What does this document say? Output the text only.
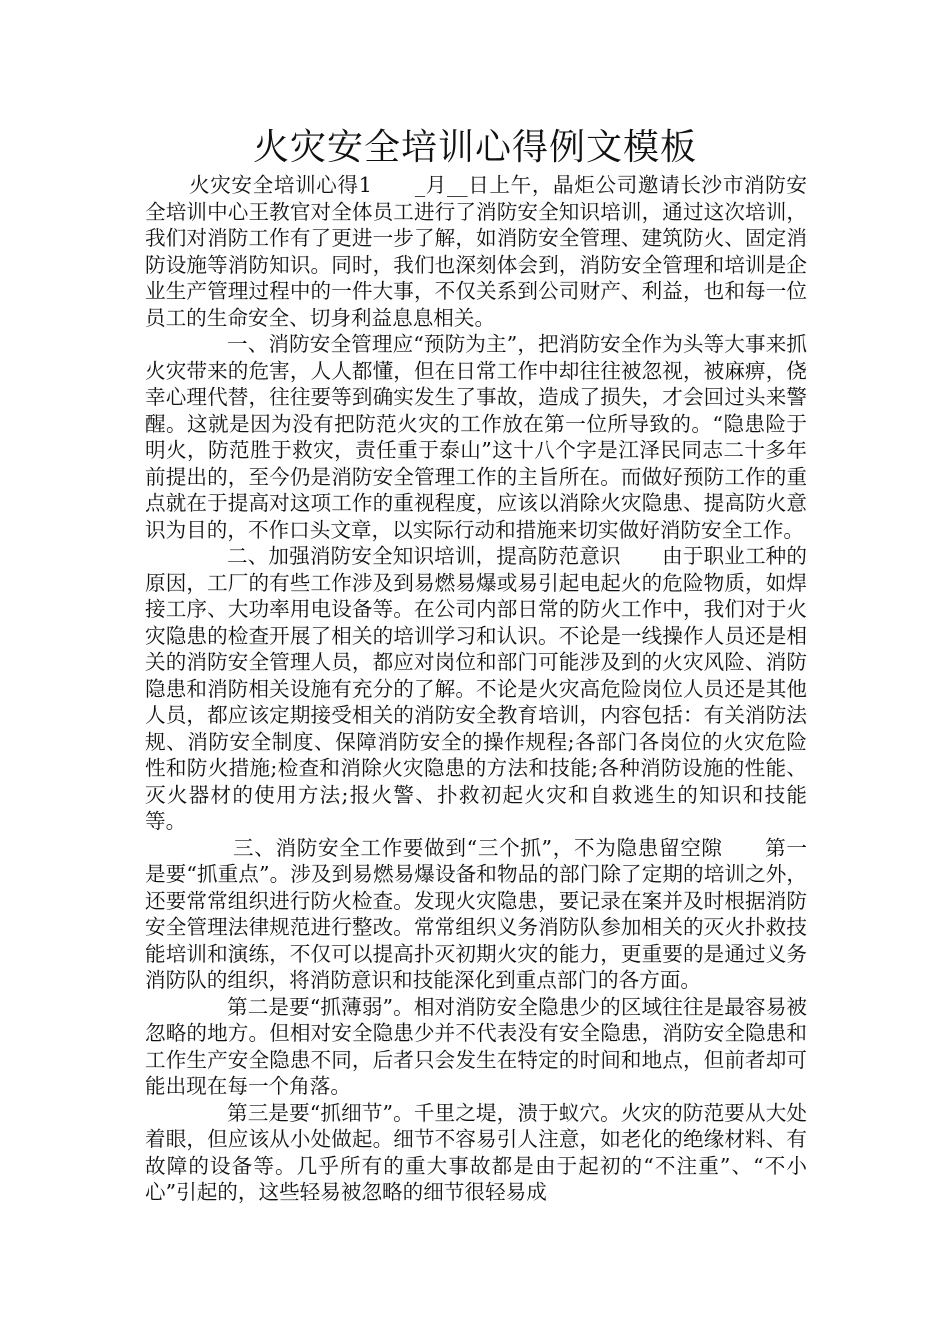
火灾安全培训心得例文模板

火灾安全培训心得1　　_月__日上午，晶炬公司邀请长沙市消防安全培训中心王教官对全体员工进行了消防安全知识培训，通过这次培训，我们对消防工作有了更进一步了解，如消防安全管理、建筑防火、固定消防设施等消防知识。同时，我们也深刻体会到，消防安全管理和培训是企业生产管理过程中的一件大事，不仅关系到公司财产、利益，也和每一位员工的生命安全、切身利益息息相关。

一、消防安全管理应“预防为主”，把消防安全作为头等大事来抓　　火灾带来的危害，人人都懂，但在日常工作中却往往被忽视，被麻痹，侥幸心理代替，往往要等到确实发生了事故，造成了损失，才会回过头来警醒。这就是因为没有把防范火灾的工作放在第一位所导致的。“隐患险于明火，防范胜于救灾，责任重于泰山”这十八个字是江泽民同志二十多年前提出的，至今仍是消防安全管理工作的主旨所在。而做好预防工作的重点就在于提高对这项工作的重视程度，应该以消除火灾隐患、提高防火意识为目的，不作口头文章，以实际行动和措施来切实做好消防安全工作。

二、加强消防安全知识培训，提高防范意识　　由于职业工种的原因，工厂的有些工作涉及到易燃易爆或易引起电起火的危险物质，如焊接工序、大功率用电设备等。在公司内部日常的防火工作中，我们对于火灾隐患的检查开展了相关的培训学习和认识。不论是一线操作人员还是相关的消防安全管理人员，都应对岗位和部门可能涉及到的火灾风险、消防隐患和消防相关设施有充分的了解。不论是火灾高危险岗位人员还是其他人员，都应该定期接受相关的消防安全教育培训，内容包括：有关消防法规、消防安全制度、保障消防安全的操作规程;各部门各岗位的火灾危险性和防火措施;检查和消除火灾隐患的方法和技能;各种消防设施的性能、灭火器材的使用方法;报火警、扑救初起火灾和自救逃生的知识和技能等。

三、消防安全工作要做到“三个抓”，不为隐患留空隙　　第一是要“抓重点”。涉及到易燃易爆设备和物品的部门除了定期的培训之外，还要常常组织进行防火检查。发现火灾隐患，要记录在案并及时根据消防安全管理法律规范进行整改。常常组织义务消防队参加相关的灭火扑救技能培训和演练，不仅可以提高扑灭初期火灾的能力，更重要的是通过义务消防队的组织，将消防意识和技能深化到重点部门的各方面。

第二是要“抓薄弱”。相对消防安全隐患少的区域往往是最容易被忽略的地方。但相对安全隐患少并不代表没有安全隐患，消防安全隐患和工作生产安全隐患不同，后者只会发生在特定的时间和地点，但前者却可能出现在每一个角落。

第三是要“抓细节”。千里之堤，溃于蚁穴。火灾的防范要从大处着眼，但应该从小处做起。细节不容易引人注意，如老化的绝缘材料、有故障的设备等。几乎所有的重大事故都是由于起初的“不注重”、“不小心”引起的，这些轻易被忽略的细节很轻易成
